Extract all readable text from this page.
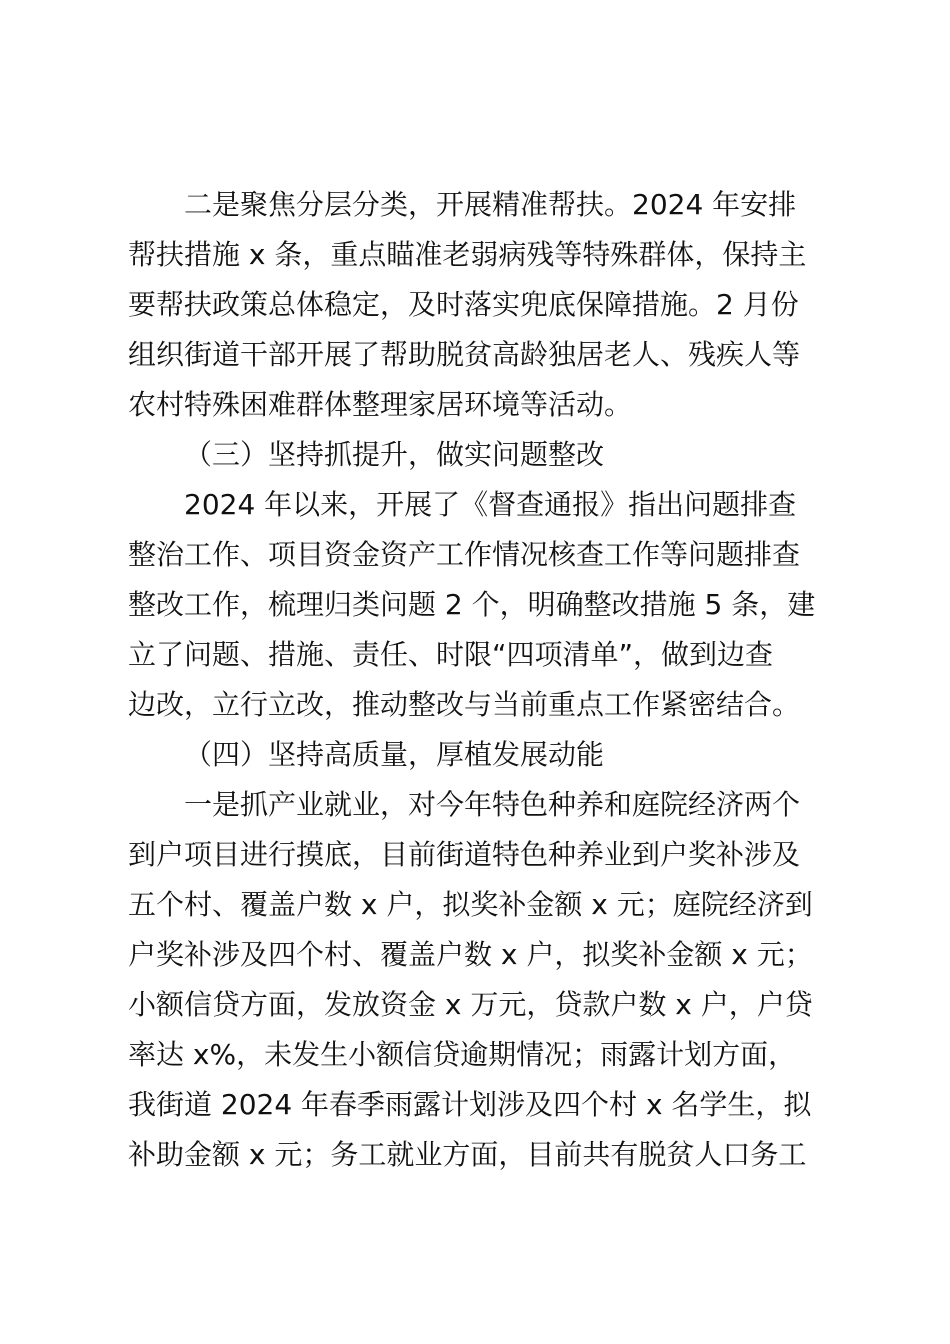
二是聚焦分层分类，开展精准帮扶。2024 年安排
帮扶措施 x 条，重点瞄准老弱病残等特殊群体，保持主
要帮扶政策总体稳定，及时落实兜底保障措施。2 月份
组织街道干部开展了帮助脱贫高龄独居老人、残疾人等
农村特殊困难群体整理家居环境等活动。
（三）坚持抓提升，做实问题整改
2024 年以来，开展了《督查通报》指出问题排查
整治工作、项目资金资产工作情况核查工作等问题排查
整改工作，梳理归类问题 2 个，明确整改措施 5 条，建
立了问题、措施、责任、时限“四项清单”，做到边查
边改，立行立改，推动整改与当前重点工作紧密结合。
（四）坚持高质量，厚植发展动能
一是抓产业就业，对今年特色种养和庭院经济两个
到户项目进行摸底，目前街道特色种养业到户奖补涉及
五个村、覆盖户数 x 户，拟奖补金额 x 元；庭院经济到
户奖补涉及四个村、覆盖户数 x 户，拟奖补金额 x 元；
小额信贷方面，发放资金 x 万元，贷款户数 x 户，户贷
率达 x%，未发生小额信贷逾期情况；雨露计划方面，
我街道 2024 年春季雨露计划涉及四个村 x 名学生，拟
补助金额 x 元；务工就业方面，目前共有脱贫人口务工
